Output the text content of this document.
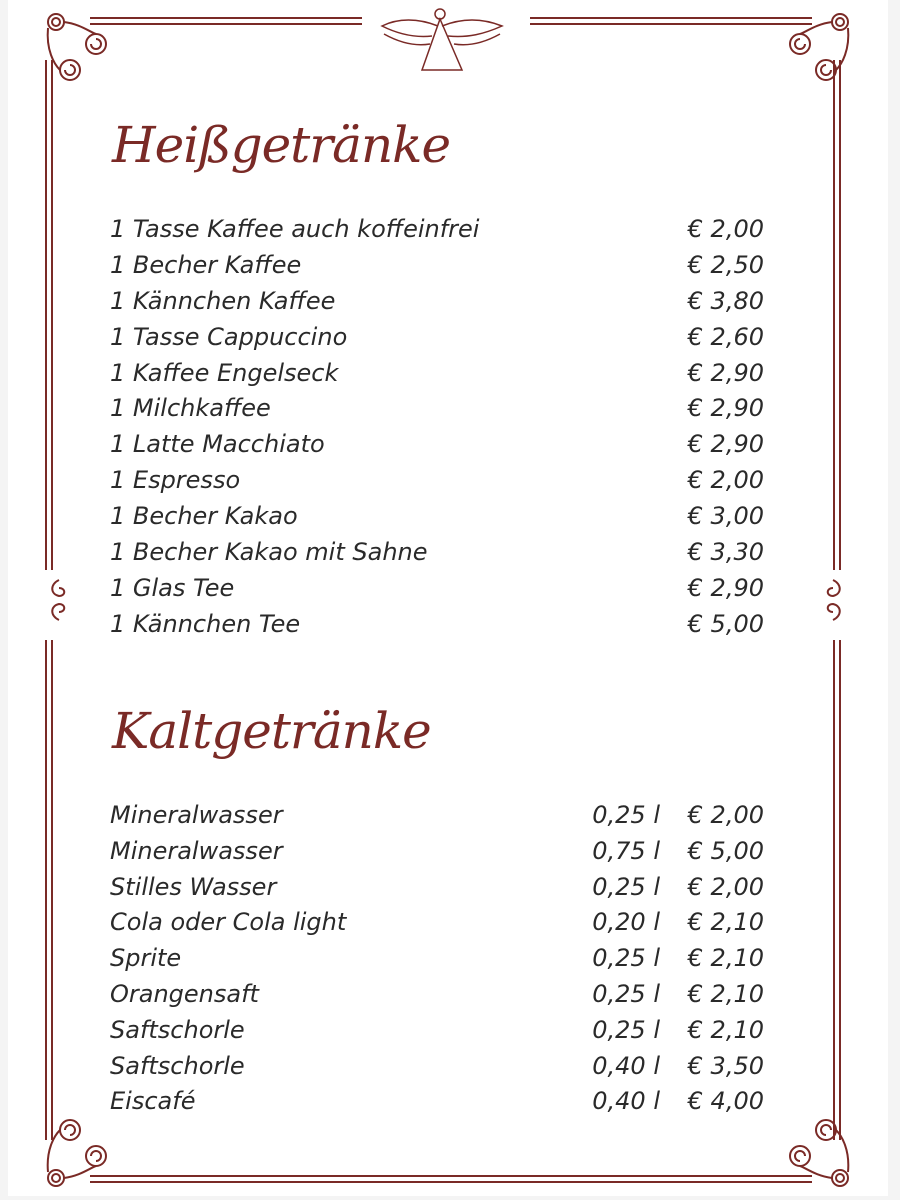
Heißgetränke
1 Tasse Kaffee auch koffeinfrei	€ 2,00
1 Becher Kaffee	€ 2,50
1 Kännchen Kaffee	€ 3,80
1 Tasse Cappuccino	€ 2,60
1 Kaffee Engelseck	€ 2,90
1 Milchkaffee	€ 2,90
1 Latte Macchiato	€ 2,90
1 Espresso	€ 2,00
1 Becher Kakao	€ 3,00
1 Becher Kakao mit Sahne	€ 3,30
1 Glas Tee	€ 2,90
1 Kännchen Tee	€ 5,00
Kaltgetränke
Mineralwasser	0,25 l € 2,00
Mineralwasser	0,75 l € 5,00
Stilles Wasser	0,25 l € 2,00
Cola oder Cola light	0,20 l € 2,10
Sprite	0,25 l € 2,10
Orangensaft	0,25 l € 2,10
Saftschorle	0,25 l € 2,10
Saftschorle	0,40 l € 3,50
Eiscafé	0,40 l € 4,00
